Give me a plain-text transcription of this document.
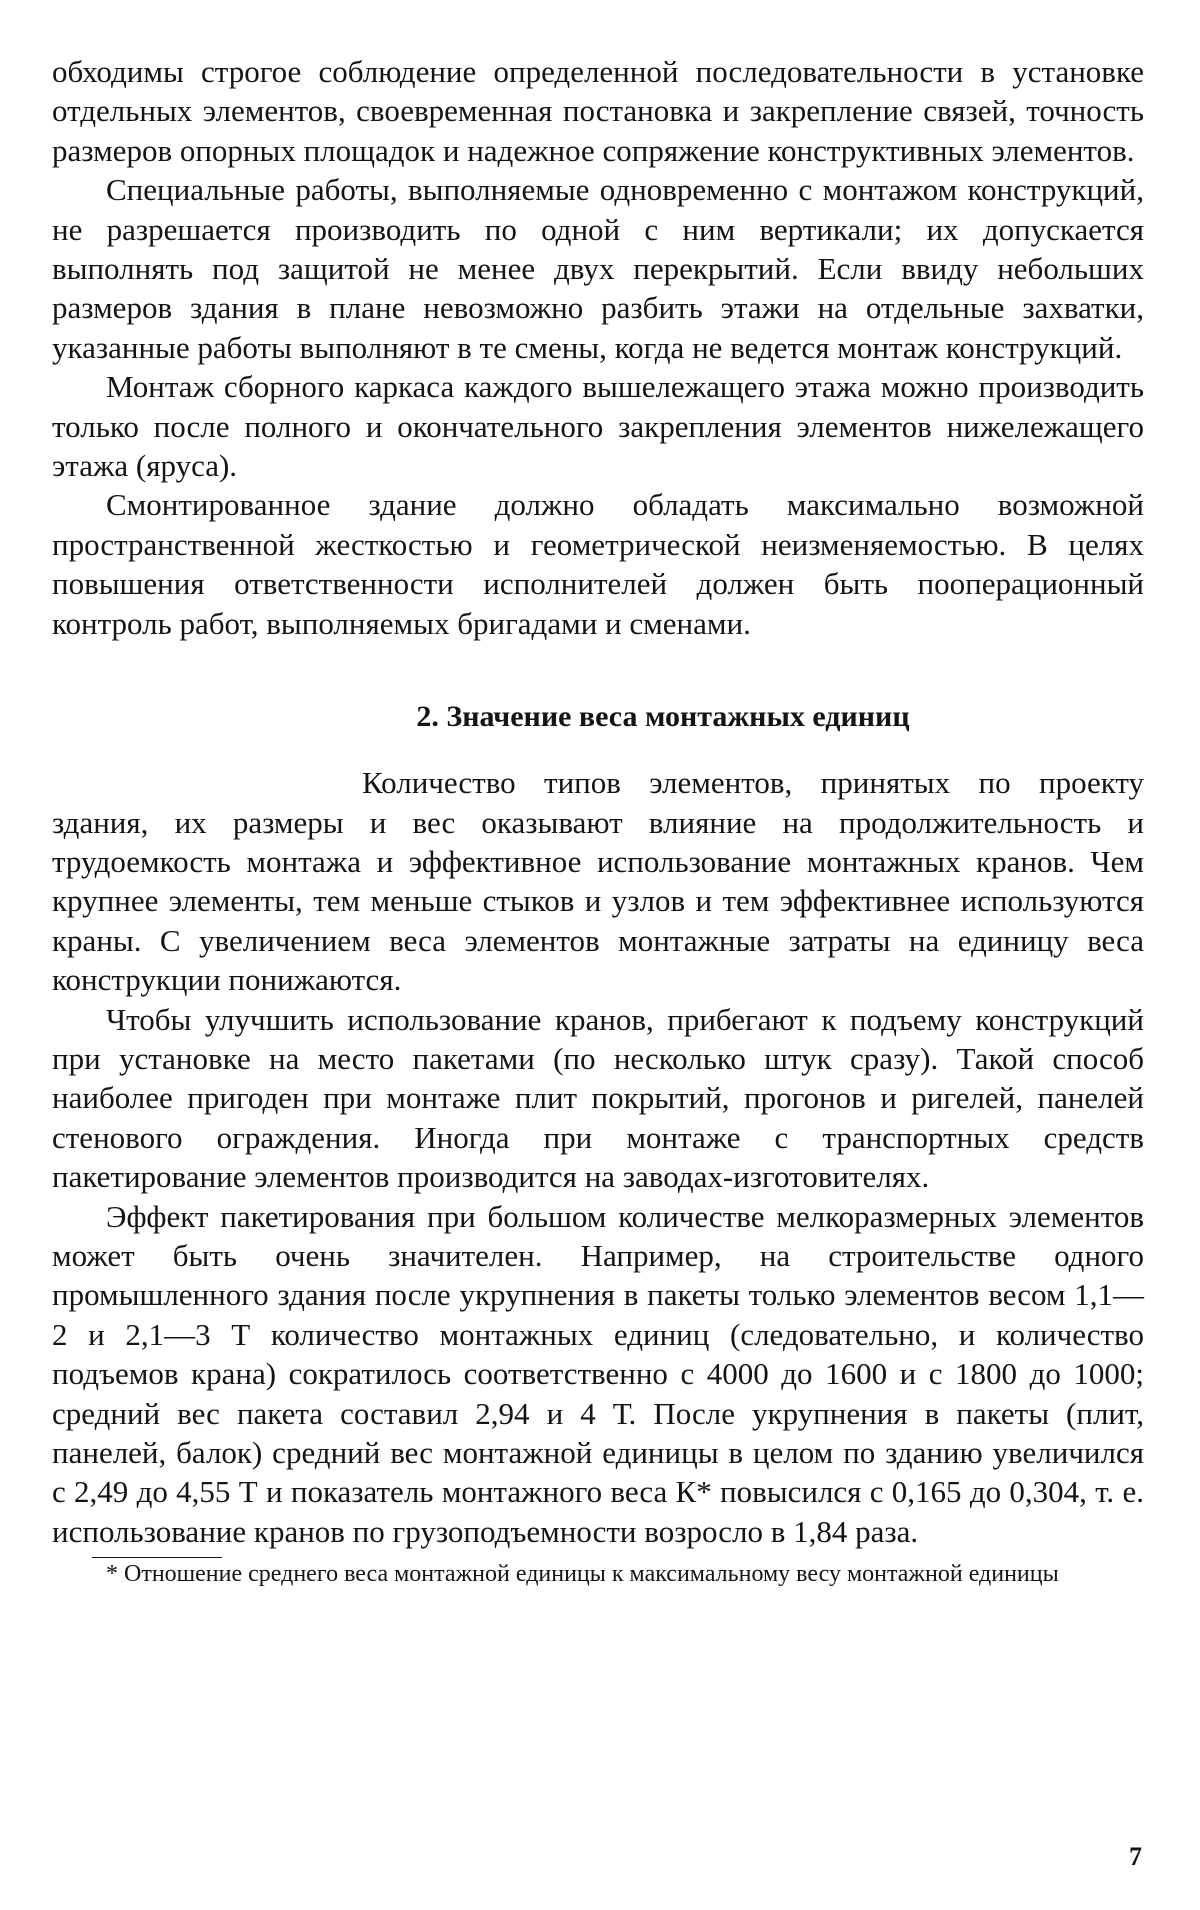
обходимы строгое соблюдение определенной последовательности в установке отдельных элементов, своевременная постановка и закрепление связей, точность размеров опорных площадок и надежное сопряжение конструктивных элементов.

Специальные работы, выполняемые одновременно с монтажом конструкций, не разрешается производить по одной с ним вертикали; их допускается выполнять под защитой не менее двух перекрытий. Если ввиду небольших размеров здания в плане невозможно разбить этажи на отдельные захватки, указанные работы выполняют в те смены, когда не ведется монтаж конструкций.

Монтаж сборного каркаса каждого вышележащего этажа можно производить только после полного и окончательного закрепления элементов нижележащего этажа (яруса).

Смонтированное здание должно обладать максимально возможной пространственной жесткостью и геометрической неизменяемостью. В целях повышения ответственности исполнителей должен быть пооперационный контроль работ, выполняемых бригадами и сменами.

2. Значение веса монтажных единиц

Количество типов элементов, принятых по проекту здания, их размеры и вес оказывают влияние на продолжительность и трудоемкость монтажа и эффективное использование монтажных кранов. Чем крупнее элементы, тем меньше стыков и узлов и тем эффективнее используются краны. С увеличением веса элементов монтажные затраты на единицу веса конструкции понижаются.

Чтобы улучшить использование кранов, прибегают к подъему конструкций при установке на место пакетами (по несколько штук сразу). Такой способ наиболее пригоден при монтаже плит покрытий, прогонов и ригелей, панелей стенового ограждения. Иногда при монтаже с транспортных средств пакетирование элементов производится на заводах-изготовителях.

Эффект пакетирования при большом количестве мелкоразмерных элементов может быть очень значителен. Например, на строительстве одного промышленного здания после укрупнения в пакеты только элементов весом 1,1—2 и 2,1—3 Т количество монтажных единиц (следовательно, и количество подъемов крана) сократилось соответственно с 4000 до 1600 и с 1800 до 1000; средний вес пакета составил 2,94 и 4 Т. После укрупнения в пакеты (плит, панелей, балок) средний вес монтажной единицы в целом по зданию увеличился с 2,49 до 4,55 Т и показатель монтажного веса К* повысился с 0,165 до 0,304, т. е. использование кранов по грузоподъемности возросло в 1,84 раза.

* Отношение среднего веса монтажной единицы к максимальному весу монтажной единицы

7
